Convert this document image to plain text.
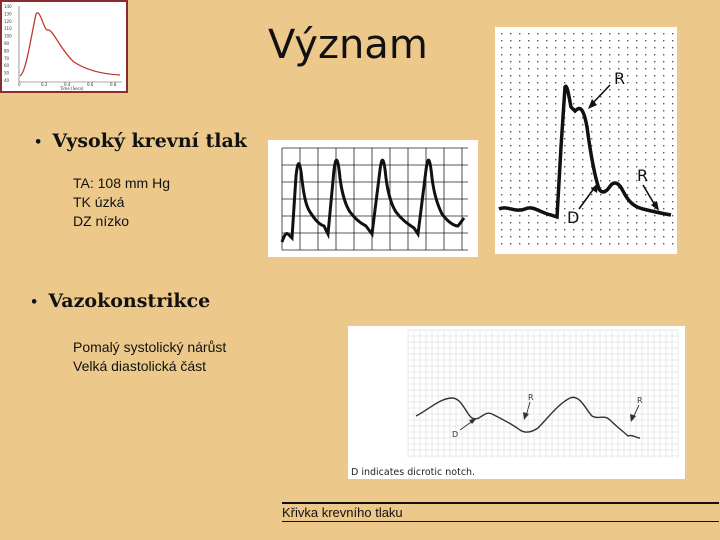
140
130
120
110
100
90
80
70
60
50
40
0	0.2	0.4	0.6	0.8
Time (Secs)
Význam
• Vysoký krevní tlak
TA: 108 mm Hg
TK úzká
DZ nízko
• Vazokonstrikce
Pomalý systolický nárůst
Velká diastolická část
R
R
D
R	R
D
D indicates dicrotic notch.
Křivka krevního tlaku
